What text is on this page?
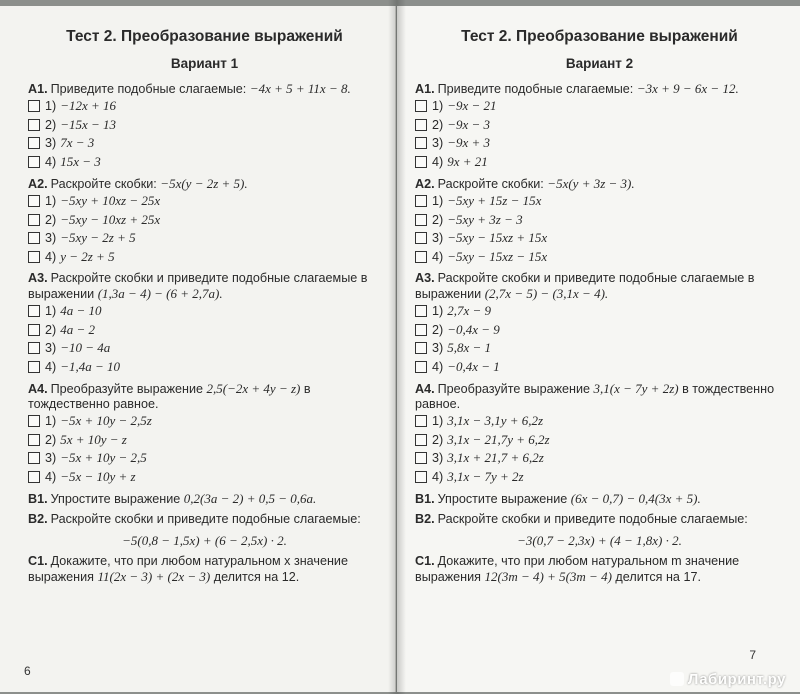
Тест 2. Преобразование выражений
Вариант 1
А1. Приведите подобные слагаемые: −4x + 5 + 11x − 8.
1) −12x + 16
2) −15x − 13
3) 7x − 3
4) 15x − 3
А2. Раскройте скобки: −5x(y − 2z + 5).
1) −5xy + 10xz − 25x
2) −5xy − 10xz + 25x
3) −5xy − 2z + 5
4) y − 2z + 5
А3. Раскройте скобки и приведите подобные слагаемые в выражении (1,3a − 4) − (6 + 2,7a).
1) 4a − 10
2) 4a − 2
3) −10 − 4a
4) −1,4a − 10
А4. Преобразуйте выражение 2,5(−2x + 4y − z) в тождественно равное.
1) −5x + 10y − 2,5z
2) 5x + 10y − z
3) −5x + 10y − 2,5
4) −5x − 10y + z
В1. Упростите выражение 0,2(3a − 2) + 0,5 − 0,6a.
В2. Раскройте скобки и приведите подобные слагаемые:
−5(0,8 − 1,5x) + (6 − 2,5x) · 2.
С1. Докажите, что при любом натуральном x значение выражения 11(2x − 3) + (2x − 3) делится на 12.
6
Тест 2. Преобразование выражений
Вариант 2
А1. Приведите подобные слагаемые: −3x + 9 − 6x − 12.
1) −9x − 21
2) −9x − 3
3) −9x + 3
4) 9x + 21
А2. Раскройте скобки: −5x(y + 3z − 3).
1) −5xy + 15z − 15x
2) −5xy + 3z − 3
3) −5xy − 15xz + 15x
4) −5xy − 15xz − 15x
А3. Раскройте скобки и приведите подобные слагаемые в выражении (2,7x − 5) − (3,1x − 4).
1) 2,7x − 9
2) −0,4x − 9
3) 5,8x − 1
4) −0,4x − 1
А4. Преобразуйте выражение 3,1(x − 7y + 2z) в тождественно равное.
1) 3,1x − 3,1y + 6,2z
2) 3,1x − 21,7y + 6,2z
3) 3,1x + 21,7 + 6,2z
4) 3,1x − 7y + 2z
В1. Упростите выражение (6x − 0,7) − 0,4(3x + 5).
В2. Раскройте скобки и приведите подобные слагаемые:
−3(0,7 − 2,3x) + (4 − 1,8x) · 2.
С1. Докажите, что при любом натуральном m значение выражения 12(3m − 4) + 5(3m − 4) делится на 17.
7
Лабиринт.ру
